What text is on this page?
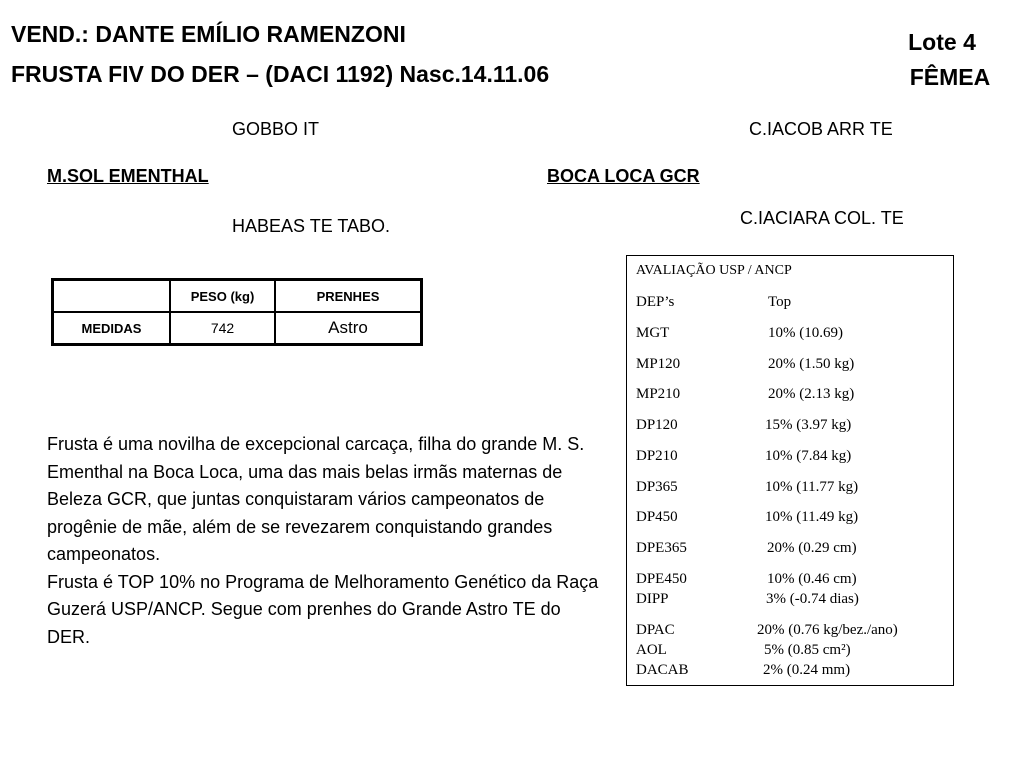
VEND.: DANTE EMÍLIO RAMENZONI
FRUSTA FIV DO DER – (DACI 1192) Nasc.14.11.06
Lote 4
FÊMEA
GOBBO IT
M.SOL EMENTHAL
HABEAS TE TABO.
C.IACOB ARR TE
BOCA LOCA GCR
C.IACIARA COL. TE
	PESO (kg)	PRENHES
MEDIDAS	742	Astro

Frusta é uma novilha de excepcional carcaça, filha do grande M. S. Ementhal na Boca Loca, uma das mais belas irmãs maternas de Beleza GCR, que juntas conquistaram vários campeonatos de progênie de mãe, além de se revezarem conquistando grandes campeonatos.

Frusta é TOP 10% no Programa de Melhoramento Genético da Raça Guzerá USP/ANCP. Segue com prenhes do Grande Astro TE do DER.

AVALIAÇÃO USP / ANCP
DEP’s	Top
MGT	10% (10.69)
MP120	20% (1.50 kg)
MP210	20% (2.13 kg)
DP120	15% (3.97 kg)
DP210	10% (7.84 kg)
DP365	10% (11.77 kg)
DP450	10% (11.49 kg)
DPE365	20% (0.29 cm)
DPE450	10% (0.46 cm)
DIPP	3% (-0.74 dias)
DPAC	20% (0.76 kg/bez./ano)
AOL	5% (0.85 cm²)
DACAB	2% (0.24 mm)
